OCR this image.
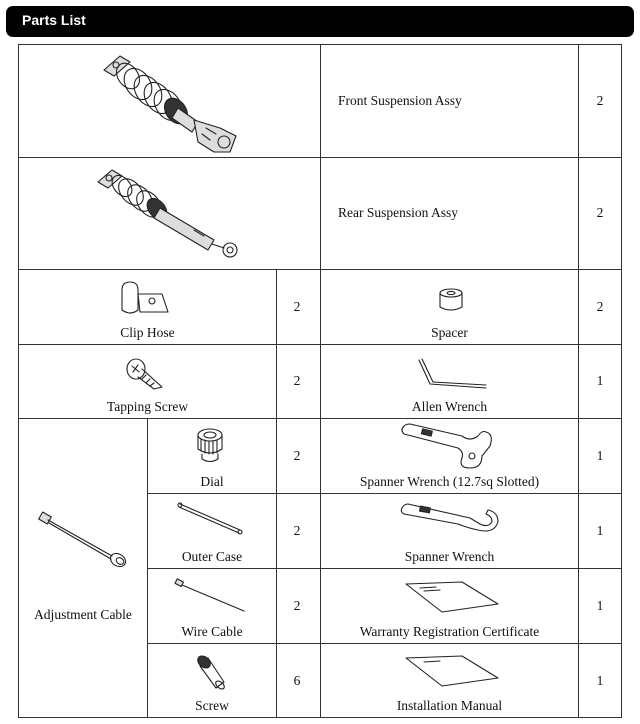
Parts List
Front Suspension Assy	2
Rear Suspension Assy	2
Clip Hose
2
Spacer
2
Tapping Screw
2
Allen Wrench
1
Adjustment Cable
Dial
2
Spanner Wrench (12.7sq Slotted)
1
Outer Case
2
Spanner Wrench
1
Wire Cable
2
Warranty Registration Certificate
1
Screw
6
Installation Manual
1
